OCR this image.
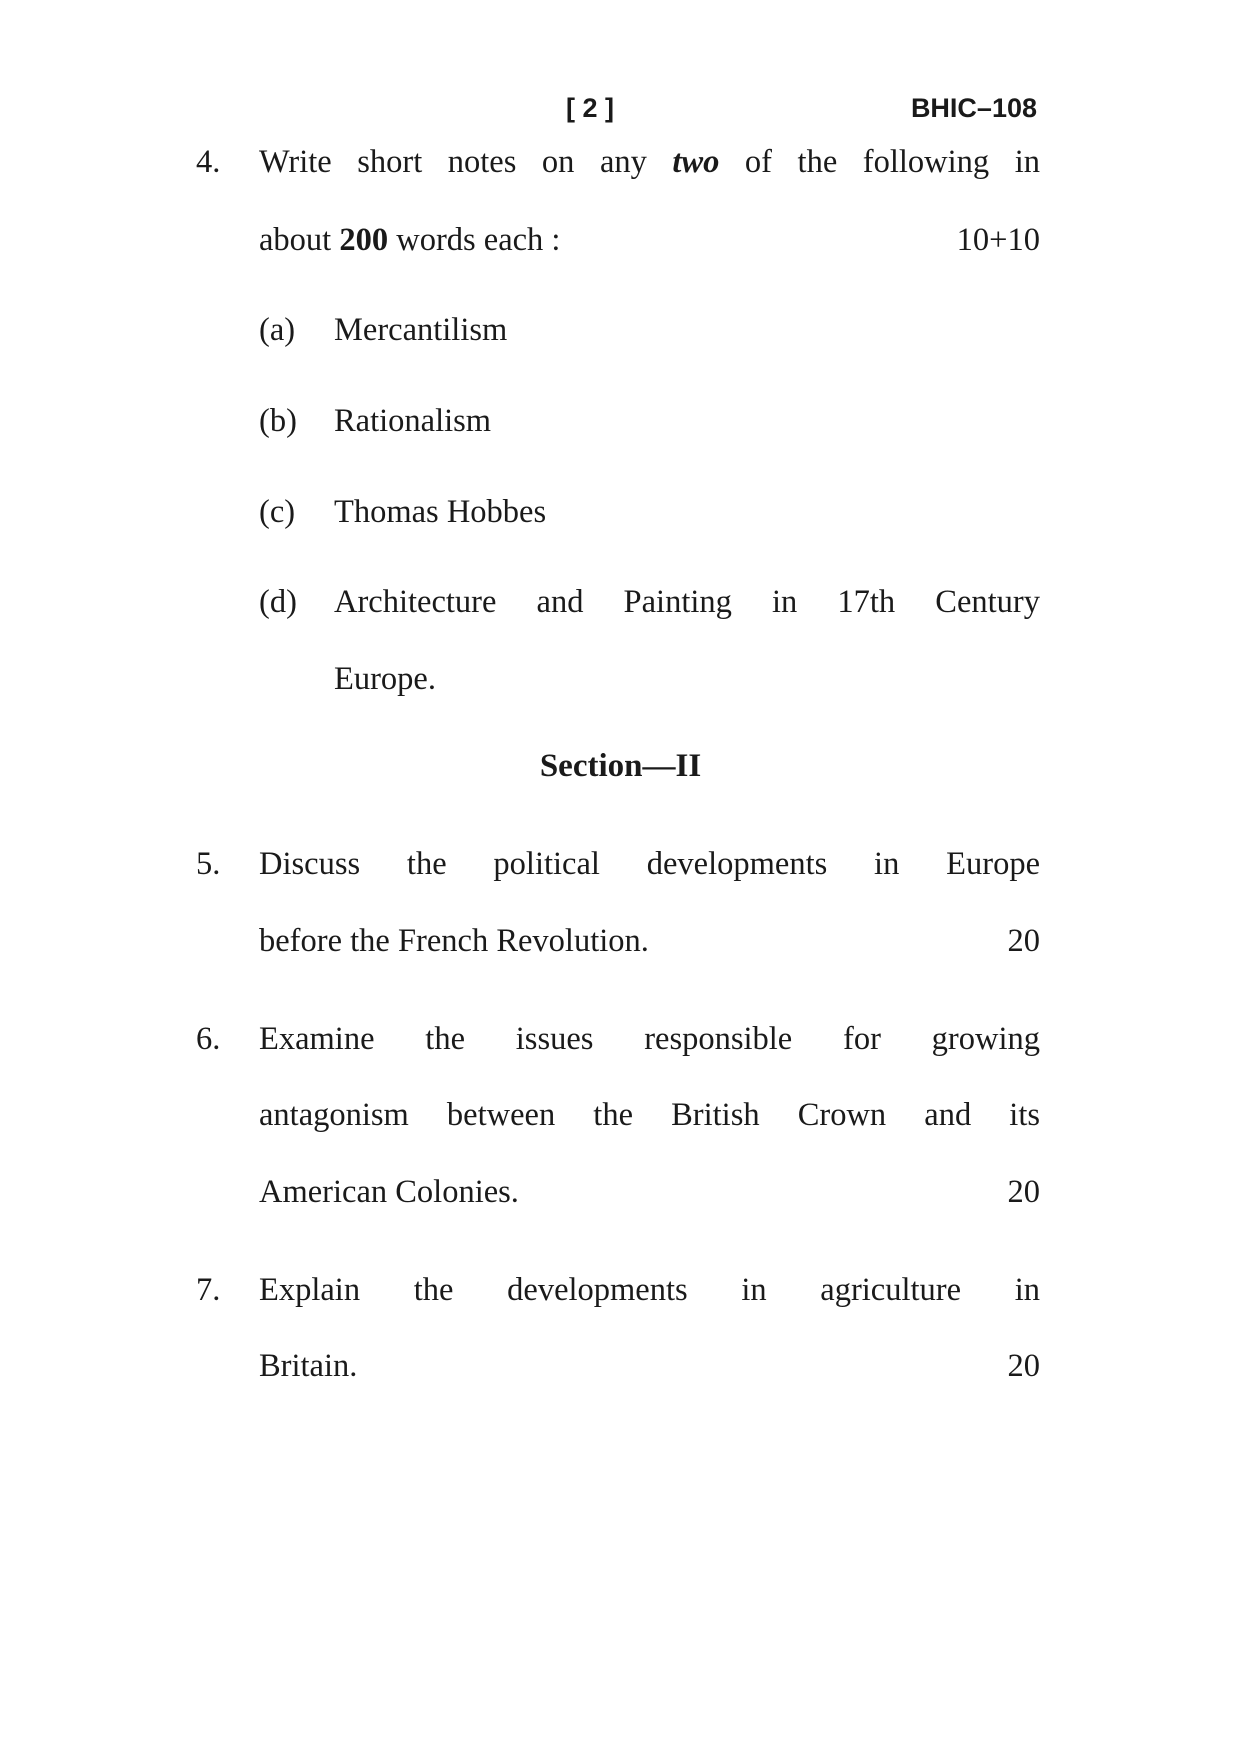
[ 2 ]	BHIC–108
4.	Write short notes on any two of the following in
about 200 words each :	10+10
(a) Mercantilism
(b) Rationalism
(c) Thomas Hobbes
(d) Architecture and Painting in 17th Century
Europe.
Section—II
5.	Discuss the political developments in Europe
before the French Revolution.	20
6.	Examine the issues responsible for growing
antagonism between the British Crown and its
American Colonies.	20
7.	Explain the developments in agriculture in
Britain.	20
